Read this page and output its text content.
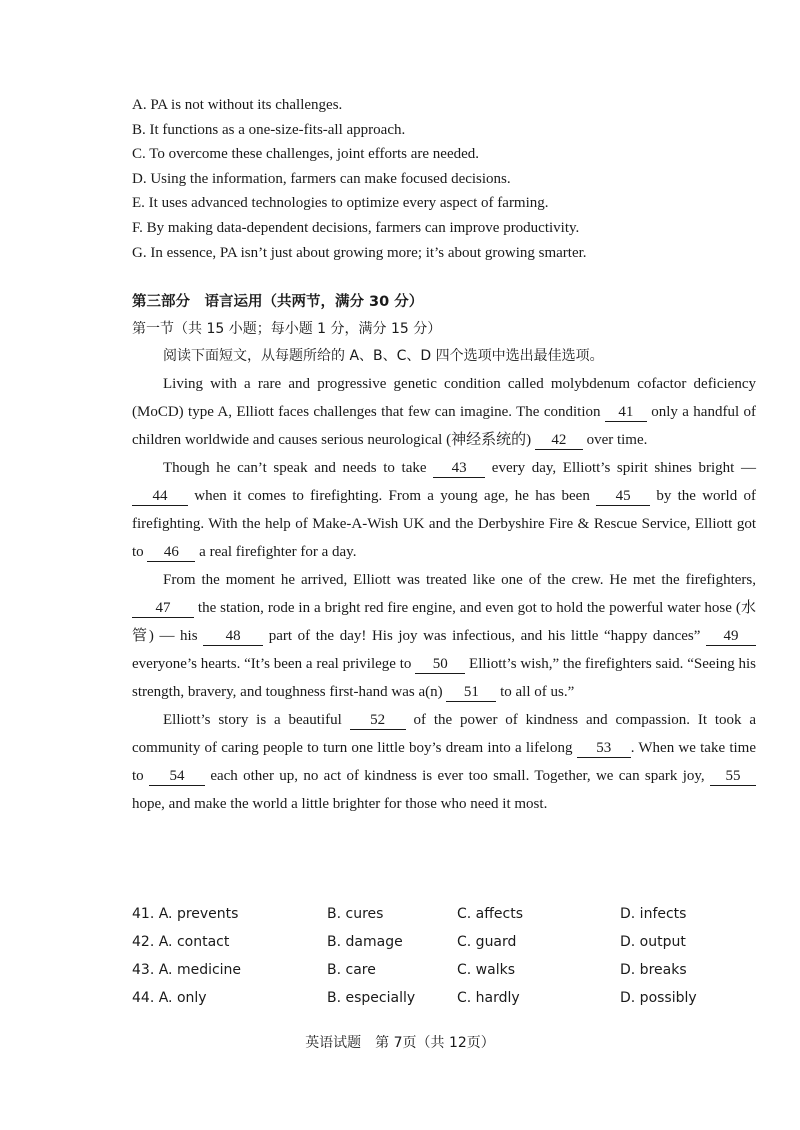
A. PA is not without its challenges.
B. It functions as a one-size-fits-all approach.
C. To overcome these challenges, joint efforts are needed.
D. Using the information, farmers can make focused decisions.
E. It uses advanced technologies to optimize every aspect of farming.
F. By making data-dependent decisions, farmers can improve productivity.
G. In essence, PA isn’t just about growing more; it’s about growing smarter.
第三部分　语言运用（共两节，满分 30 分）
第一节（共 15 小题；每小题 1 分，满分 15 分）
阅读下面短文，从每题所给的 A、B、C、D 四个选项中选出最佳选项。

Living with a rare and progressive genetic condition called molybdenum cofactor deficiency (MoCD) type A, Elliott faces challenges that few can imagine. The condition 41 only a handful of children worldwide and causes serious neurological (神经系统的) 42 over time.

Though he can’t speak and needs to take 43 every day, Elliott’s spirit shines bright — 44 when it comes to firefighting. From a young age, he has been 45 by the world of firefighting. With the help of Make-A-Wish UK and the Derbyshire Fire & Rescue Service, Elliott got to 46 a real firefighter for a day.

From the moment he arrived, Elliott was treated like one of the crew. He met the firefighters, 47 the station, rode in a bright red fire engine, and even got to hold the powerful water hose (水管) — his 48 part of the day! His joy was infectious, and his little “happy dances” 49 everyone’s hearts. “It’s been a real privilege to 50 Elliott’s wish,” the firefighters said. “Seeing his strength, bravery, and toughness first-hand was a(n) 51 to all of us.”

Elliott’s story is a beautiful 52 of the power of kindness and compassion. It took a community of caring people to turn one little boy’s dream into a lifelong 53 . When we take time to 54 each other up, no act of kindness is ever too small. Together, we can spark joy, 55 hope, and make the world a little brighter for those who need it most.

41. A. prevents	B. cures	C. affects	D. infects
42. A. contact	B. damage	C. guard	D. output
43. A. medicine	B. care	C. walks	D. breaks
44. A. only	B. especially	C. hardly	D. possibly
英语试题　第 7页（共 12页）
